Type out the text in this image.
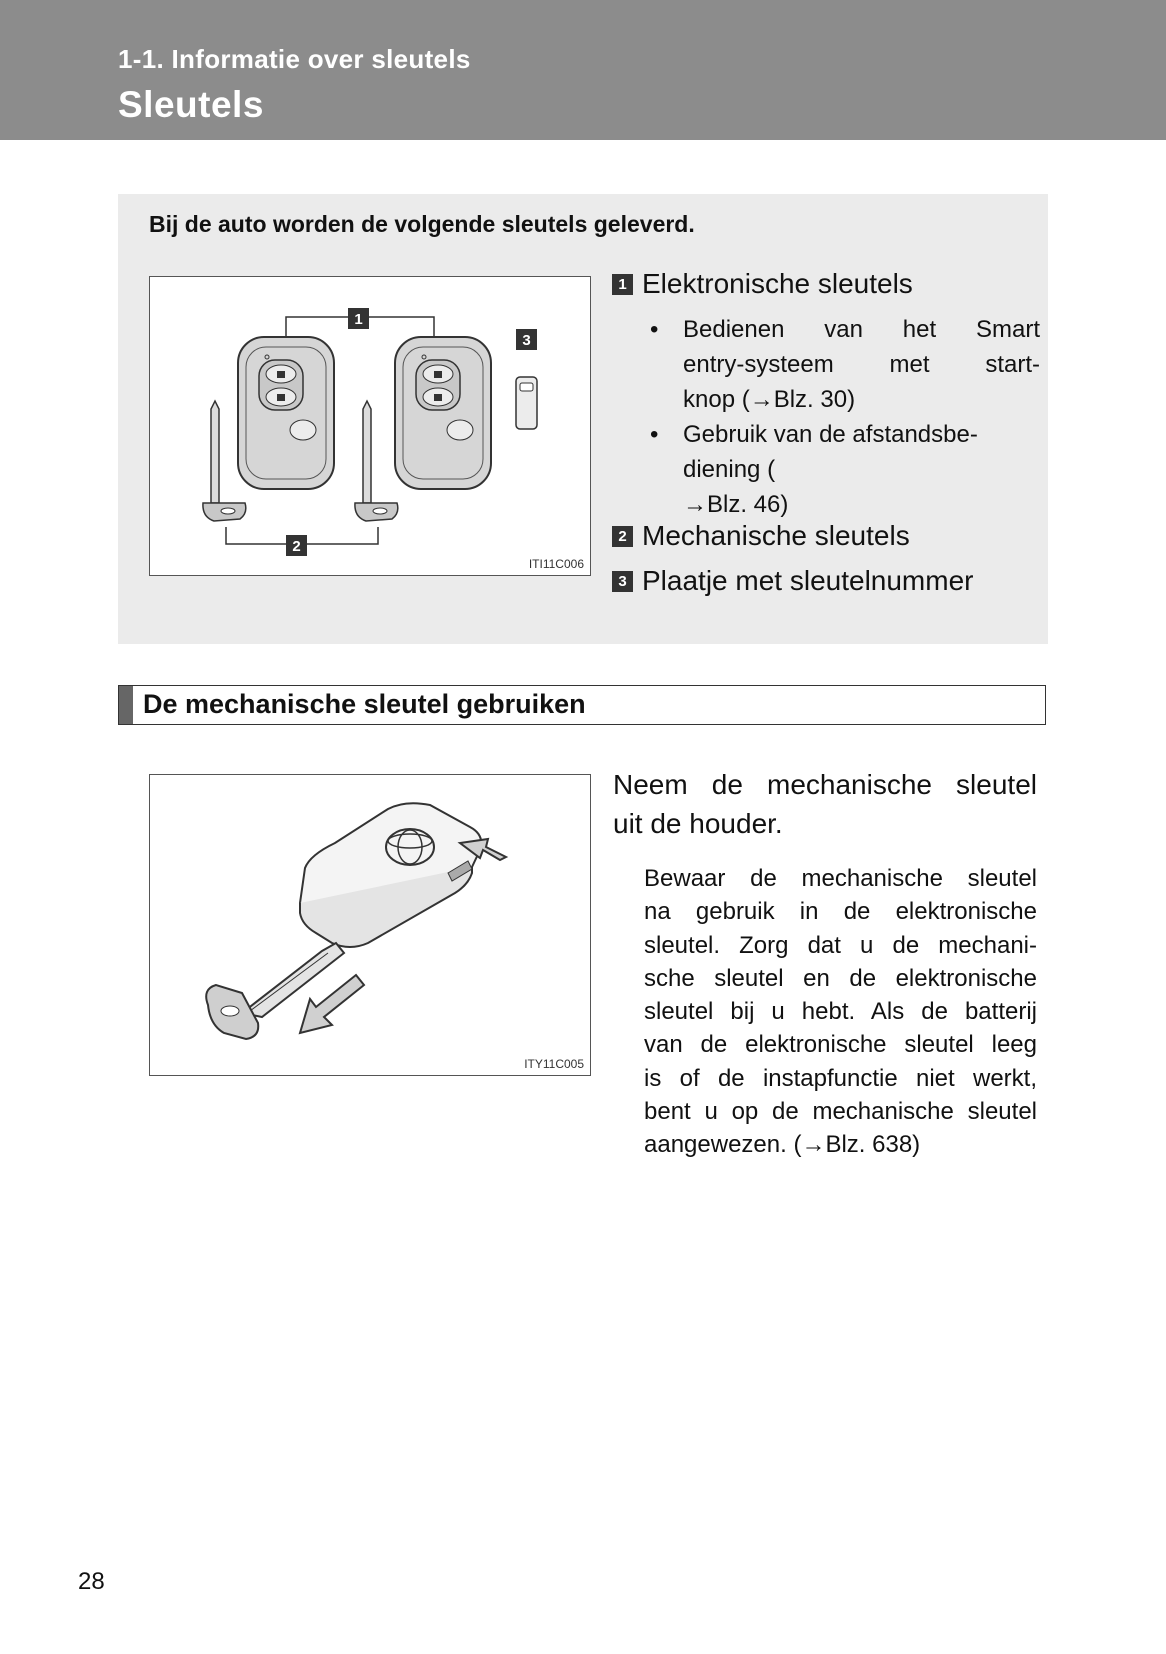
1-1. Informatie over sleutels
Sleutels
Bij de auto worden de volgende sleutels geleverd.
1
2
3
ITI11C006
1 Elektronische sleutels
• Bedienen van het Smart
entry-systeem met start-
knop (→Blz. 30)
• Gebruik van de afstandsbe-
diening (
→Blz. 46)
2 Mechanische sleutels
3 Plaatje met sleutelnummer
De mechanische sleutel gebruiken
ITY11C005
Neem de mechanische sleutel
uit de houder.
Bewaar de mechanische sleutel
na gebruik in de elektronische
sleutel. Zorg dat u de mechani-
sche sleutel en de elektronische
sleutel bij u hebt. Als de batterij
van de elektronische sleutel leeg
is of de instapfunctie niet werkt,
bent u op de mechanische sleutel
aangewezen. (→Blz. 638)
28
